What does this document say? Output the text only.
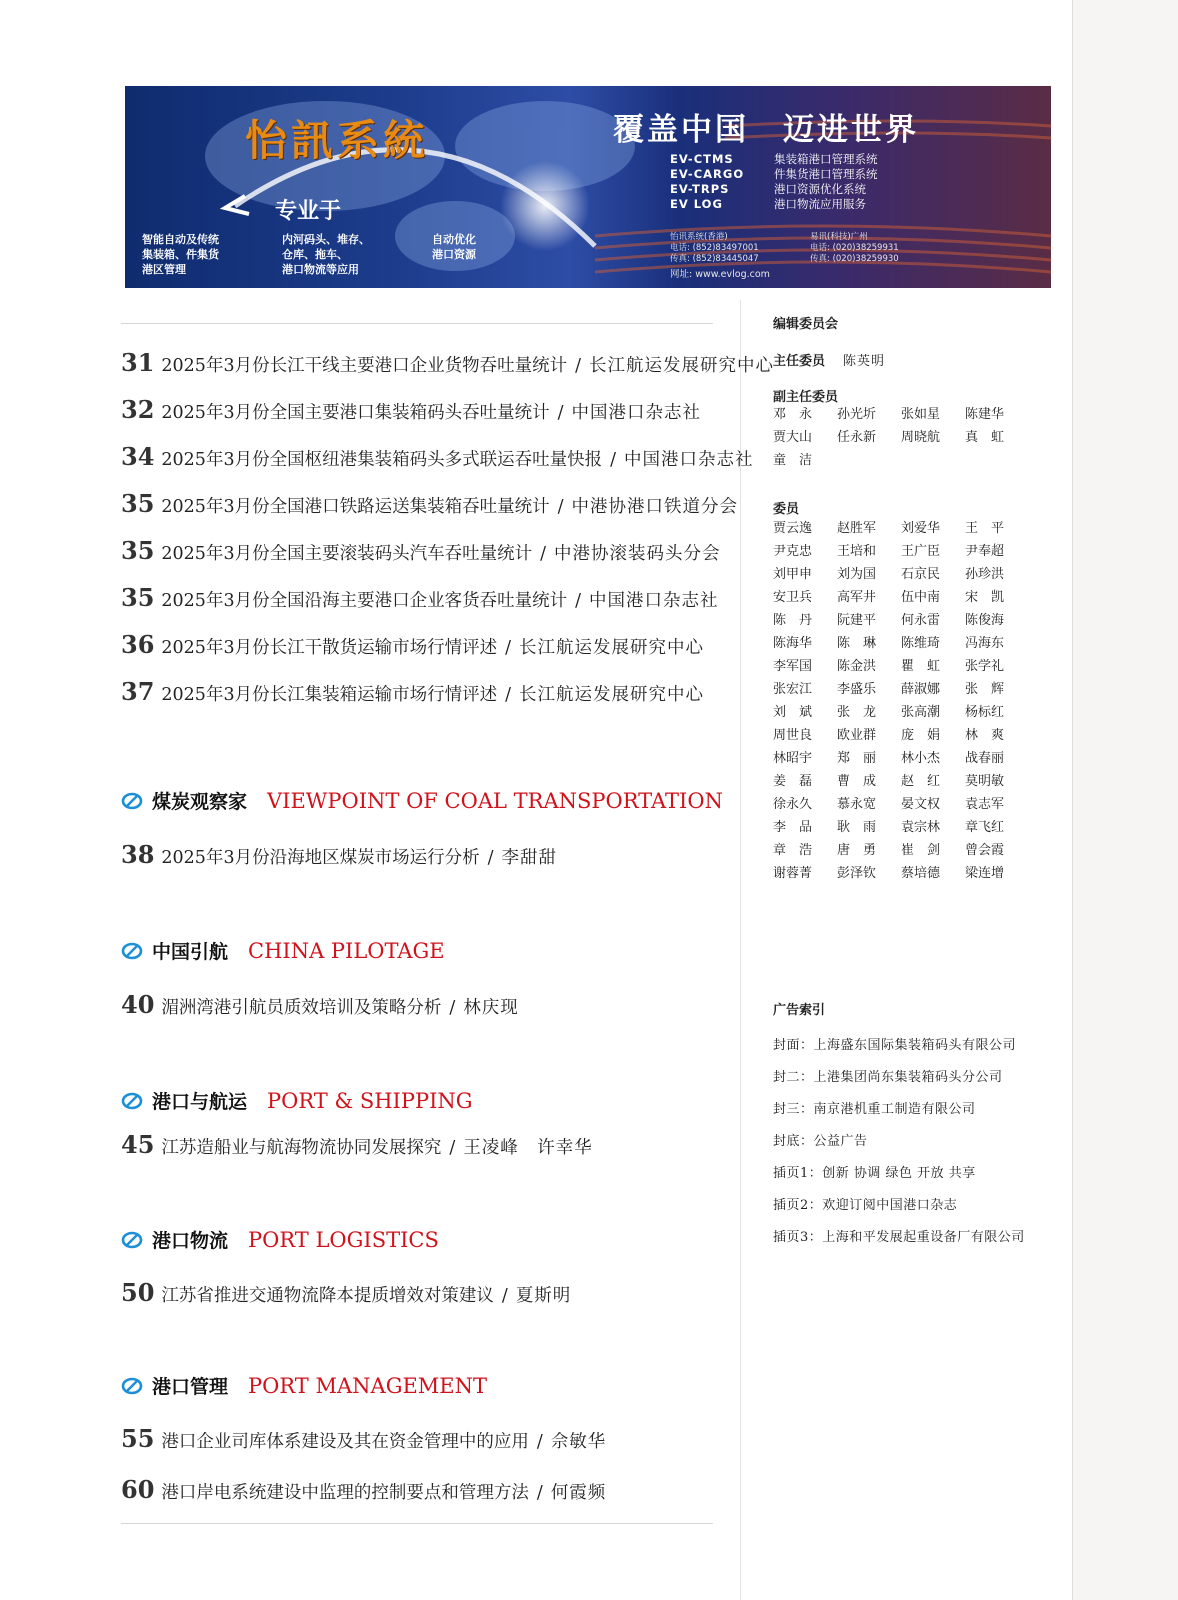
怡訊系統
专业于
智能自动及传统
集装箱、件集货
港区管理
内河码头、堆存、
仓库、拖车、
港口物流等应用
自动优化
港口资源
覆盖中国　迈进世界
EV-CTMS	集装箱港口管理系统
EV-CARGO	件集货港口管理系统
EV-TRPS	港口资源优化系统
EV LOG	港口物流应用服务
怡讯系统(香港)
电话: (852)83497001
传真: (852)83445047
易讯(科技)广州
电话: (020)38259931
传真: (020)38259930
网址: www.evlog.com
31 2025年3月份长江干线主要港口企业货物吞吐量统计 / 长江航运发展研究中心
32 2025年3月份全国主要港口集装箱码头吞吐量统计 / 中国港口杂志社
34 2025年3月份全国枢纽港集装箱码头多式联运吞吐量快报 / 中国港口杂志社
35 2025年3月份全国港口铁路运送集装箱吞吐量统计 / 中港协港口铁道分会
35 2025年3月份全国主要滚装码头汽车吞吐量统计 / 中港协滚装码头分会
35 2025年3月份全国沿海主要港口企业客货吞吐量统计 / 中国港口杂志社
36 2025年3月份长江干散货运输市场行情评述 / 长江航运发展研究中心
37 2025年3月份长江集装箱运输市场行情评述 / 长江航运发展研究中心
煤炭观察家 VIEWPOINT OF COAL TRANSPORTATION
38 2025年3月份沿海地区煤炭市场运行分析 / 李甜甜
中国引航 CHINA PILOTAGE
40 湄洲湾港引航员质效培训及策略分析 / 林庆现
港口与航运 PORT & SHIPPING
45 江苏造船业与航海物流协同发展探究 / 王凌峰　许幸华
港口物流 PORT LOGISTICS
50 江苏省推进交通物流降本提质增效对策建议 / 夏斯明
港口管理 PORT MANAGEMENT
55 港口企业司库体系建设及其在资金管理中的应用 / 佘敏华
60 港口岸电系统建设中监理的控制要点和管理方法 / 何霞频
编辑委员会
主任委员 陈英明
副主任委员
邓　永	孙光圻	张如星	陈建华
贾大山	任永新	周晓航	真　虹
童　洁
委员
贾云逸	赵胜军	刘爱华	王　平
尹克忠	王培和	王广臣	尹奉超
刘甲申	刘为国	石京民	孙珍洪
安卫兵	高军井	伍中南	宋　凯
陈　丹	阮建平	何永雷	陈俊海
陈海华	陈　琳	陈维琦	冯海东
李军国	陈金洪	瞿　虹	张学礼
张宏江	李盛乐	薛淑娜	张　辉
刘　斌	张　龙	张高潮	杨标红
周世良	欧业群	庞　娟	林　爽
林昭宇	郑　丽	林小杰	战春丽
姜　磊	曹　成	赵　红	莫明敏
徐永久	慕永宽	晏文权	袁志军
李　品	耿　雨	袁宗林	章飞红
章　浩	唐　勇	崔　剑	曾会霞
谢蓉菁	彭泽钦	蔡培德	梁连增
广告索引
封面：上海盛东国际集装箱码头有限公司
封二：上港集团尚东集装箱码头分公司
封三：南京港机重工制造有限公司
封底：公益广告
插页1：创新 协调 绿色 开放 共享
插页2：欢迎订阅中国港口杂志
插页3：上海和平发展起重设备厂有限公司
